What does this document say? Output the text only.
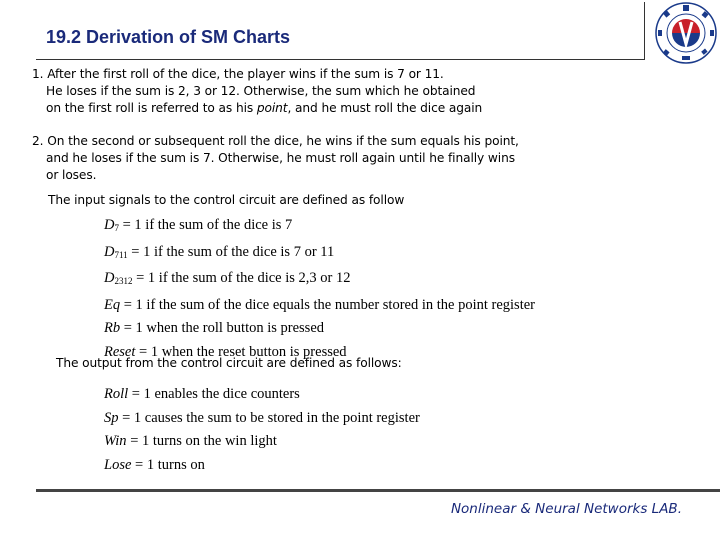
19.2 Derivation of SM Charts
1. After the first roll of the dice, the player wins if the sum is 7 or 11.
He loses if the sum is 2, 3 or 12. Otherwise, the sum which he obtained
on the first roll is referred to as his point, and he must roll the dice again
2. On the second or subsequent roll the dice, he wins if the sum equals his point,
and he loses if the sum is 7. Otherwise, he must roll again until he finally wins
or loses.
The input signals to the control circuit are defined as follow
$D_7 = 1$ if the sum of the dice is 7
$D_{711} = 1$ if the sum of the dice is 7 or 11
$D_{2312} = 1$ if the sum of the dice is 2,3 or 12
Eq = 1 if the sum of the dice equals the number stored in the point register
Rb = 1 when the roll button is pressed
Reset = 1 when the reset button is pressed
The output from the control circuit are defined as follows:
Roll = 1 enables the dice counters
Sp = 1 causes the sum to be stored in the point register
Win = 1 turns on the win light
Lose = 1 turns on
Nonlinear & Neural Networks LAB.
